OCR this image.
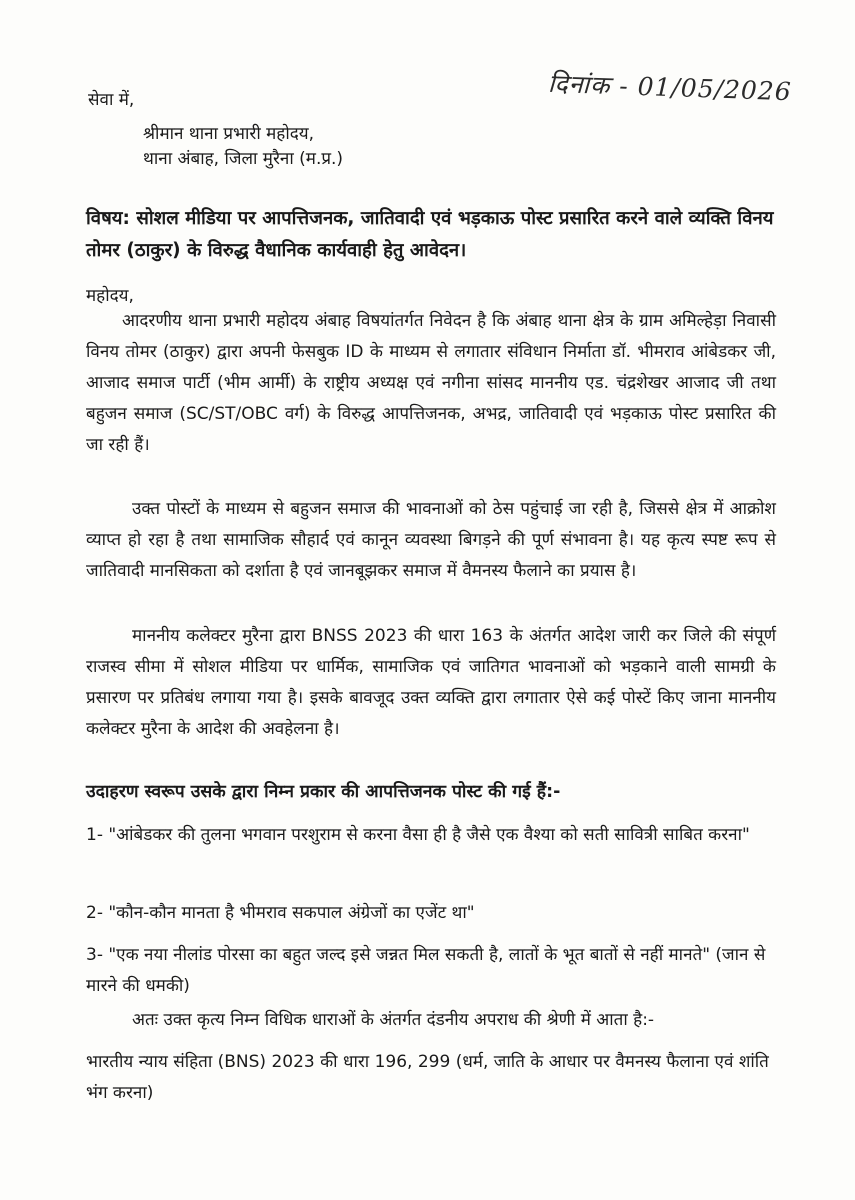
दिनांक - 01/05/2026
सेवा में,
श्रीमान थाना प्रभारी महोदय,
थाना अंबाह, जिला मुरैना (म.प्र.)
विषय: सोशल मीडिया पर आपत्तिजनक, जातिवादी एवं भड़काऊ पोस्ट प्रसारित करने वाले व्यक्ति विनय तोमर (ठाकुर) के विरुद्ध वैधानिक कार्यवाही हेतु आवेदन।
महोदय,
आदरणीय थाना प्रभारी महोदय अंबाह विषयांतर्गत निवेदन है कि अंबाह थाना क्षेत्र के ग्राम अमिल्हेड़ा निवासी विनय तोमर (ठाकुर) द्वारा अपनी फेसबुक ID के माध्यम से लगातार संविधान निर्माता डॉ. भीमराव आंबेडकर जी, आजाद समाज पार्टी (भीम आर्मी) के राष्ट्रीय अध्यक्ष एवं नगीना सांसद माननीय एड. चंद्रशेखर आजाद जी तथा बहुजन समाज (SC/ST/OBC वर्ग) के विरुद्ध आपत्तिजनक, अभद्र, जातिवादी एवं भड़काऊ पोस्ट प्रसारित की जा रही हैं।
उक्त पोस्टों के माध्यम से बहुजन समाज की भावनाओं को ठेस पहुंचाई जा रही है, जिससे क्षेत्र में आक्रोश व्याप्त हो रहा है तथा सामाजिक सौहार्द एवं कानून व्यवस्था बिगड़ने की पूर्ण संभावना है। यह कृत्य स्पष्ट रूप से जातिवादी मानसिकता को दर्शाता है एवं जानबूझकर समाज में वैमनस्य फैलाने का प्रयास है।
माननीय कलेक्टर मुरैना द्वारा BNSS 2023 की धारा 163 के अंतर्गत आदेश जारी कर जिले की संपूर्ण राजस्व सीमा में सोशल मीडिया पर धार्मिक, सामाजिक एवं जातिगत भावनाओं को भड़काने वाली सामग्री के प्रसारण पर प्रतिबंध लगाया गया है। इसके बावजूद उक्त व्यक्ति द्वारा लगातार ऐसे कई पोस्टें किए जाना माननीय कलेक्टर मुरैना के आदेश की अवहेलना है।
उदाहरण स्वरूप उसके द्वारा निम्न प्रकार की आपत्तिजनक पोस्ट की गई हैं:-
1- "आंबेडकर की तुलना भगवान परशुराम से करना वैसा ही है जैसे एक वैश्या को सती सावित्री साबित करना"
2- "कौन-कौन मानता है भीमराव सकपाल अंग्रेजों का एजेंट था"
3- "एक नया नीलांड पोरसा का बहुत जल्द इसे जन्नत मिल सकती है, लातों के भूत बातों से नहीं मानते" (जान से मारने की धमकी)
अतः उक्त कृत्य निम्न विधिक धाराओं के अंतर्गत दंडनीय अपराध की श्रेणी में आता है:-
भारतीय न्याय संहिता (BNS) 2023 की धारा 196, 299 (धर्म, जाति के आधार पर वैमनस्य फैलाना एवं शांति भंग करना)
